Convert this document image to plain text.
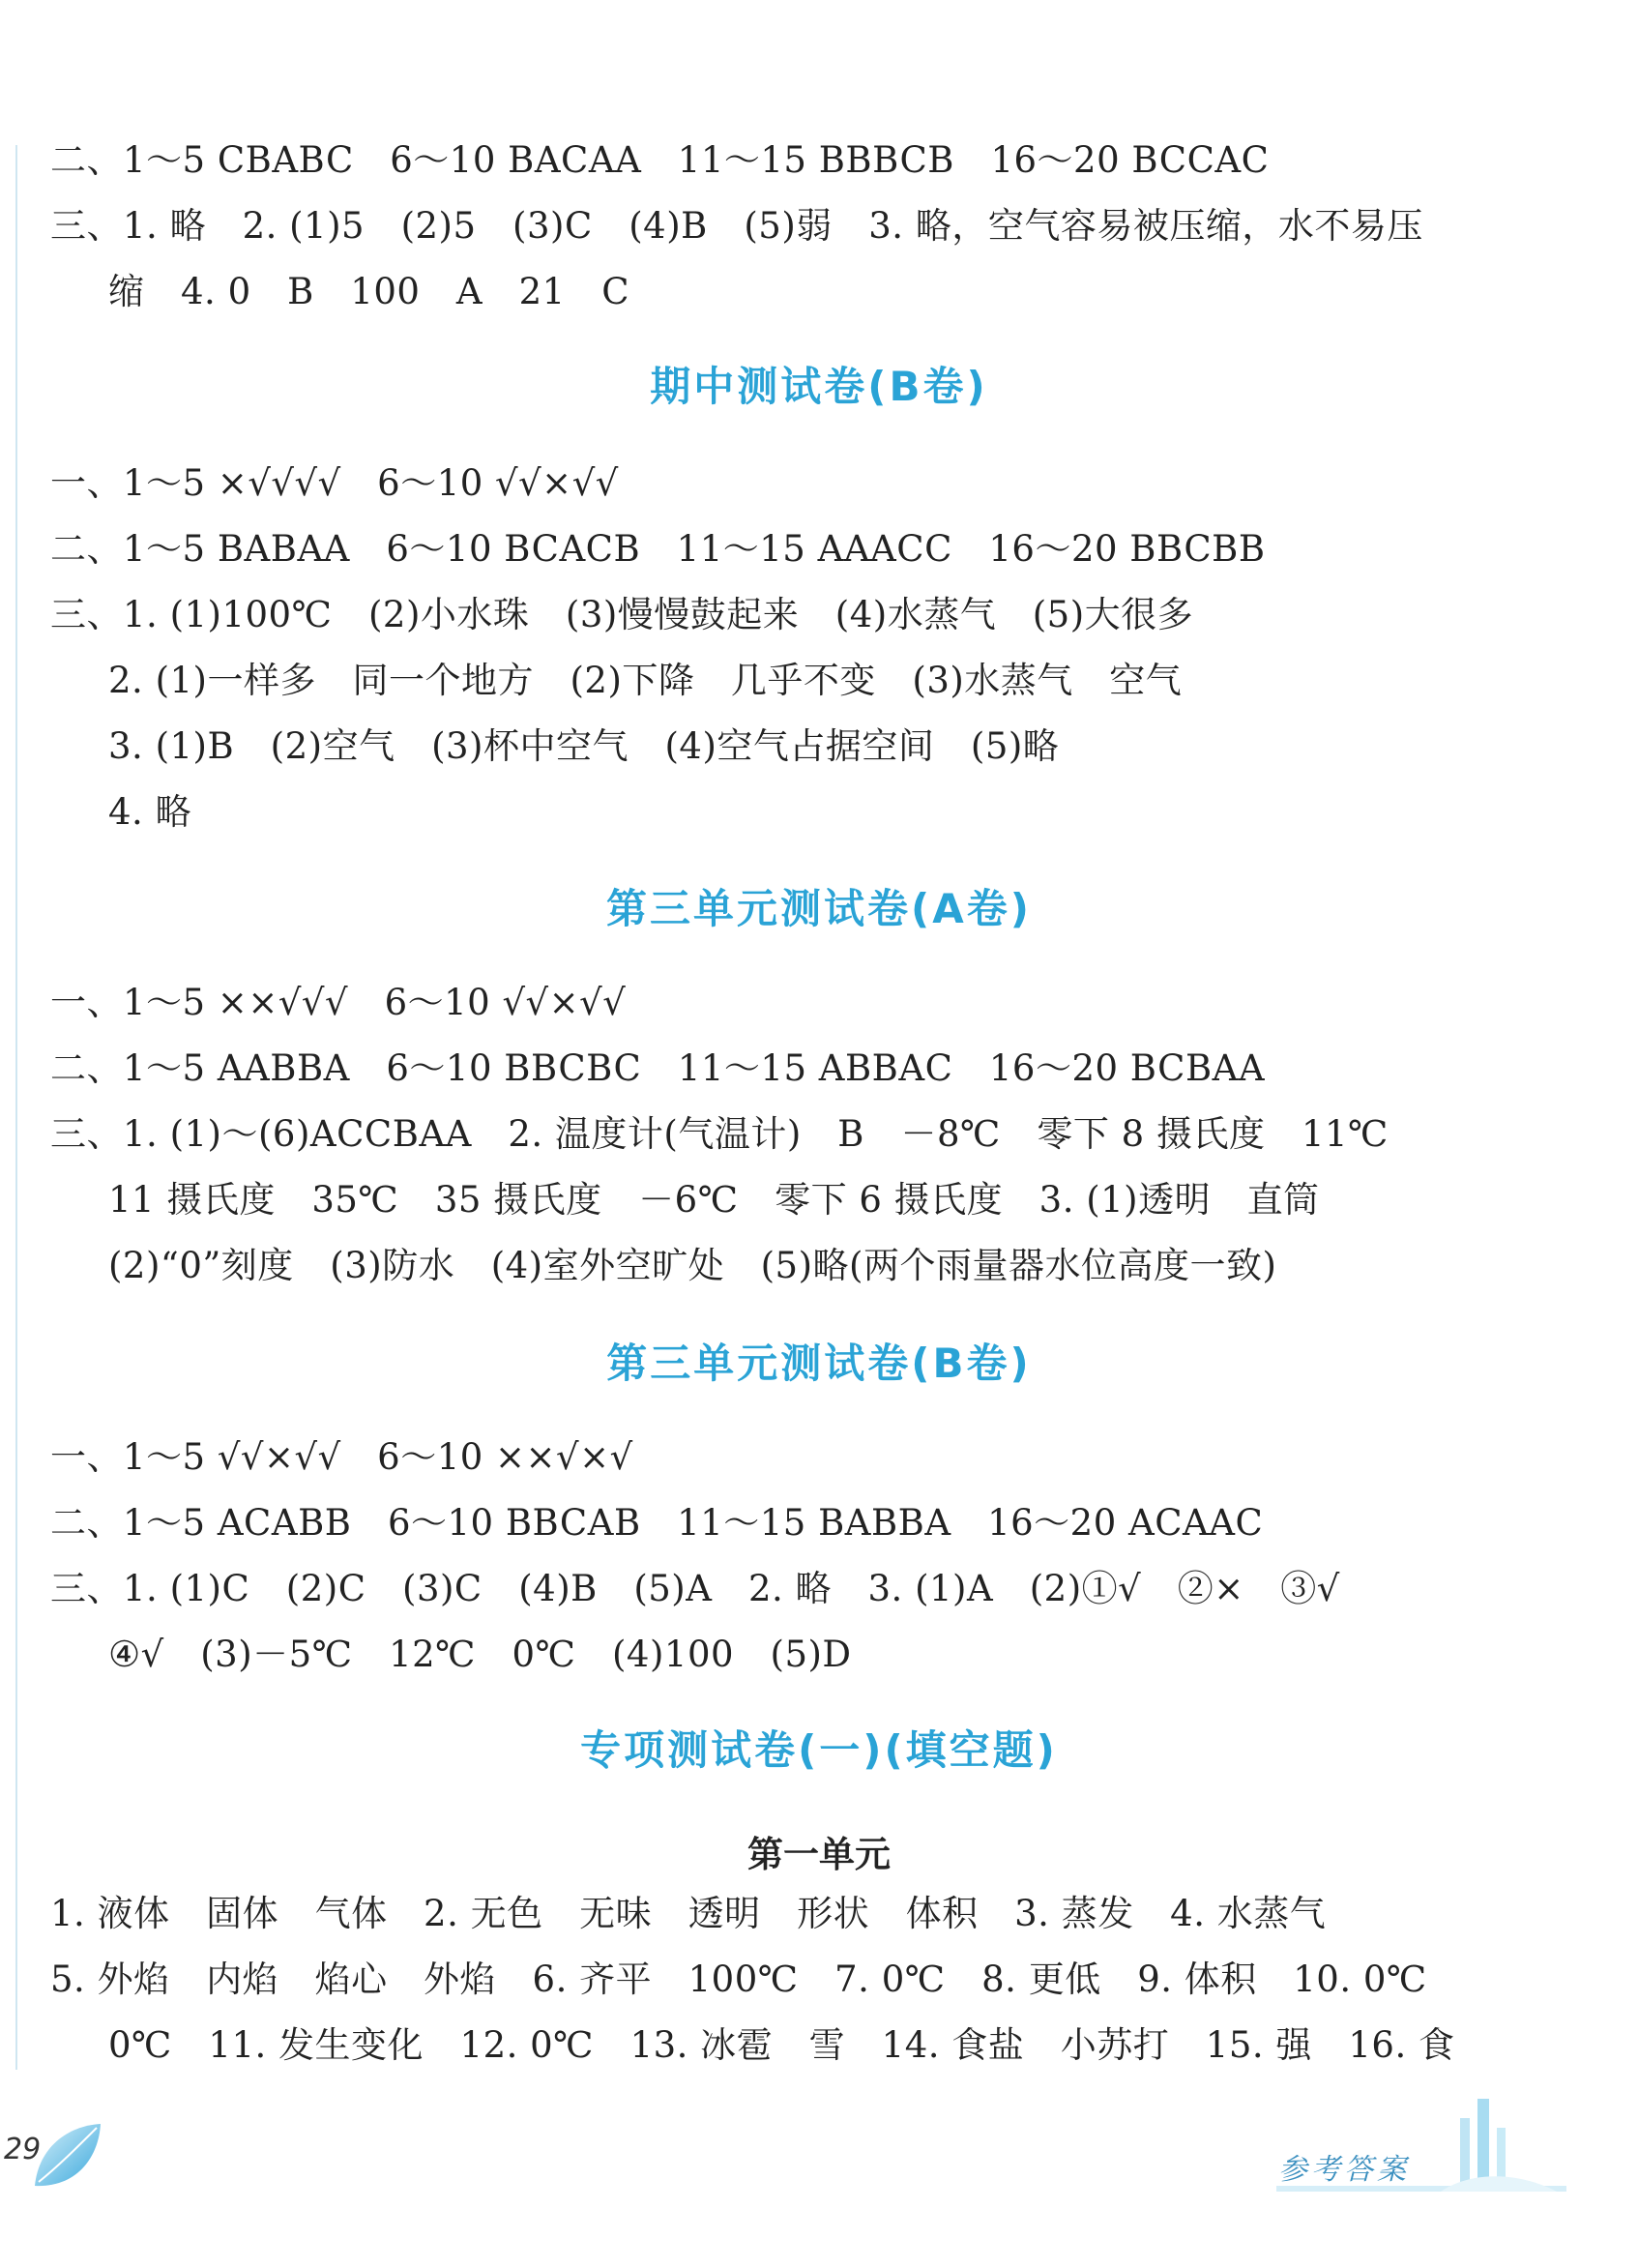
二、1～5 CBABC　6～10 BACAA　11～15 BBBCB　16～20 BCCAC
三、1. 略　2. (1)5　(2)5　(3)C　(4)B　(5)弱　3. 略，空气容易被压缩，水不易压
缩　4. 0　B　100　A　21　C
期中测试卷(B卷)
一、1～5 ×√√√√　6～10 √√×√√
二、1～5 BABAA　6～10 BCACB　11～15 AAACC　16～20 BBCBB
三、1. (1)100℃　(2)小水珠　(3)慢慢鼓起来　(4)水蒸气　(5)大很多
2. (1)一样多　同一个地方　(2)下降　几乎不变　(3)水蒸气　空气
3. (1)B　(2)空气　(3)杯中空气　(4)空气占据空间　(5)略
4. 略
第三单元测试卷(A卷)
一、1～5 ××√√√　6～10 √√×√√
二、1～5 AABBA　6～10 BBCBC　11～15 ABBAC　16～20 BCBAA
三、1. (1)～(6)ACCBAA　2. 温度计(气温计)　B　－8℃　零下 8 摄氏度　11℃
11 摄氏度　35℃　35 摄氏度　－6℃　零下 6 摄氏度　3. (1)透明　直筒
(2)“0”刻度　(3)防水　(4)室外空旷处　(5)略(两个雨量器水位高度一致)
第三单元测试卷(B卷)
一、1～5 √√×√√　6～10 ××√×√
二、1～5 ACABB　6～10 BBCAB　11～15 BABBA　16～20 ACAAC
三、1. (1)C　(2)C　(3)C　(4)B　(5)A　2. 略　3. (1)A　(2)①√　②×　③√
④√　(3)－5℃　12℃　0℃　(4)100　(5)D
专项测试卷(一)(填空题)
第一单元
1. 液体　固体　气体　2. 无色　无味　透明　形状　体积　3. 蒸发　4. 水蒸气
5. 外焰　内焰　焰心　外焰　6. 齐平　100℃　7. 0℃　8. 更低　9. 体积　10. 0℃
0℃　11. 发生变化　12. 0℃　13. 冰雹　雪　14. 食盐　小苏打　15. 强　16. 食
29
参考答案
